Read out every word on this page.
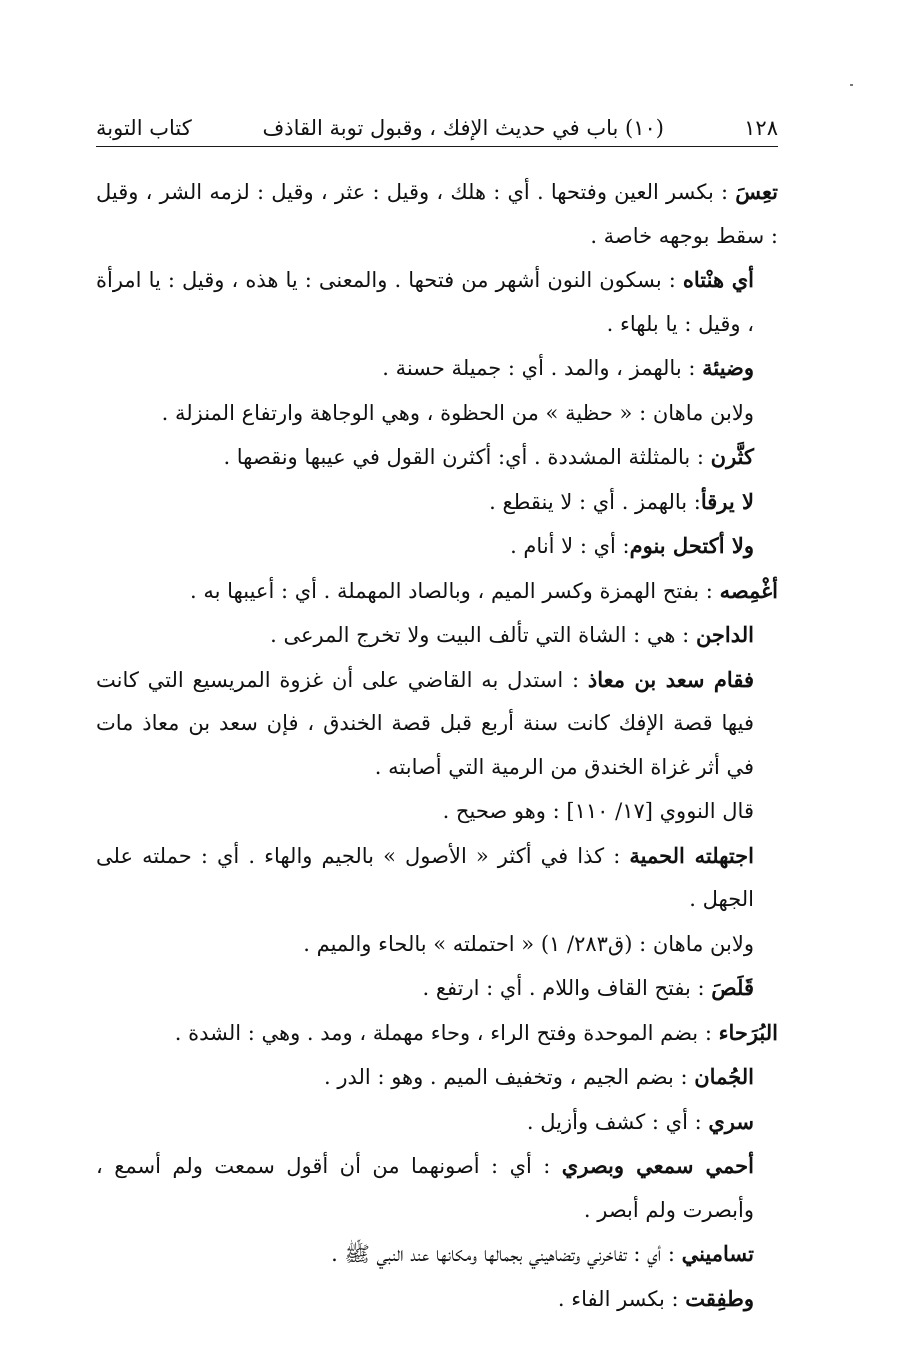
١٢٨
(١٠) باب في حديث الإفك ، وقبول توبة القاذف
كتاب التوبة

تعِسَ : بكسر العين وفتحها . أي : هلك ، وقيل : عثر ، وقيل : لزمه الشر ، وقيل : سقط بوجهه خاصة .

أي هنْتاه : بسكون النون أشهر من فتحها . والمعنى : يا هذه ، وقيل : يا امرأة ، وقيل : يا بلهاء .

وضيئة : بالهمز ، والمد . أي : جميلة حسنة .

ولابن ماهان : « حظية » من الحظوة ، وهي الوجاهة وارتفاع المنزلة .

كثَّرن : بالمثلثة المشددة . أي: أكثرن القول في عيبها ونقصها .

لا يرقأ: بالهمز . أي : لا ينقطع .

ولا أكتحل بنوم: أي : لا أنام .

أغْمِصه : بفتح الهمزة وكسر الميم ، وبالصاد المهملة . أي : أعيبها به .

الداجن : هي : الشاة التي تألف البيت ولا تخرج المرعى .

فقام سعد بن معاذ : استدل به القاضي على أن غزوة المريسيع التي كانت فيها قصة الإفك كانت سنة أربع قبل قصة الخندق ، فإن سعد بن معاذ مات في أثر غزاة الخندق من الرمية التي أصابته .

قال النووي [١٧/ ١١٠] : وهو صحيح .

اجتهلته الحمية : كذا في أكثر « الأصول » بالجيم والهاء . أي : حملته على الجهل .

ولابن ماهان : (ق٢٨٣/ ١) « احتملته » بالحاء والميم .

قَلَصَ : بفتح القاف واللام . أي : ارتفع .

البُرَحاء : بضم الموحدة وفتح الراء ، وحاء مهملة ، ومد . وهي : الشدة .

الجُمان : بضم الجيم ، وتخفيف الميم . وهو : الدر .

سري : أي : كشف وأزيل .

أحمي سمعي وبصري : أي : أصونهما من أن أقول سمعت ولم أسمع ، وأبصرت ولم أبصر .

تساميني : أي : تفاخرني وتضاهيني بجمالها ومكانها عند النبي ﷺ .

وطفِقت : بكسر الفاء .
